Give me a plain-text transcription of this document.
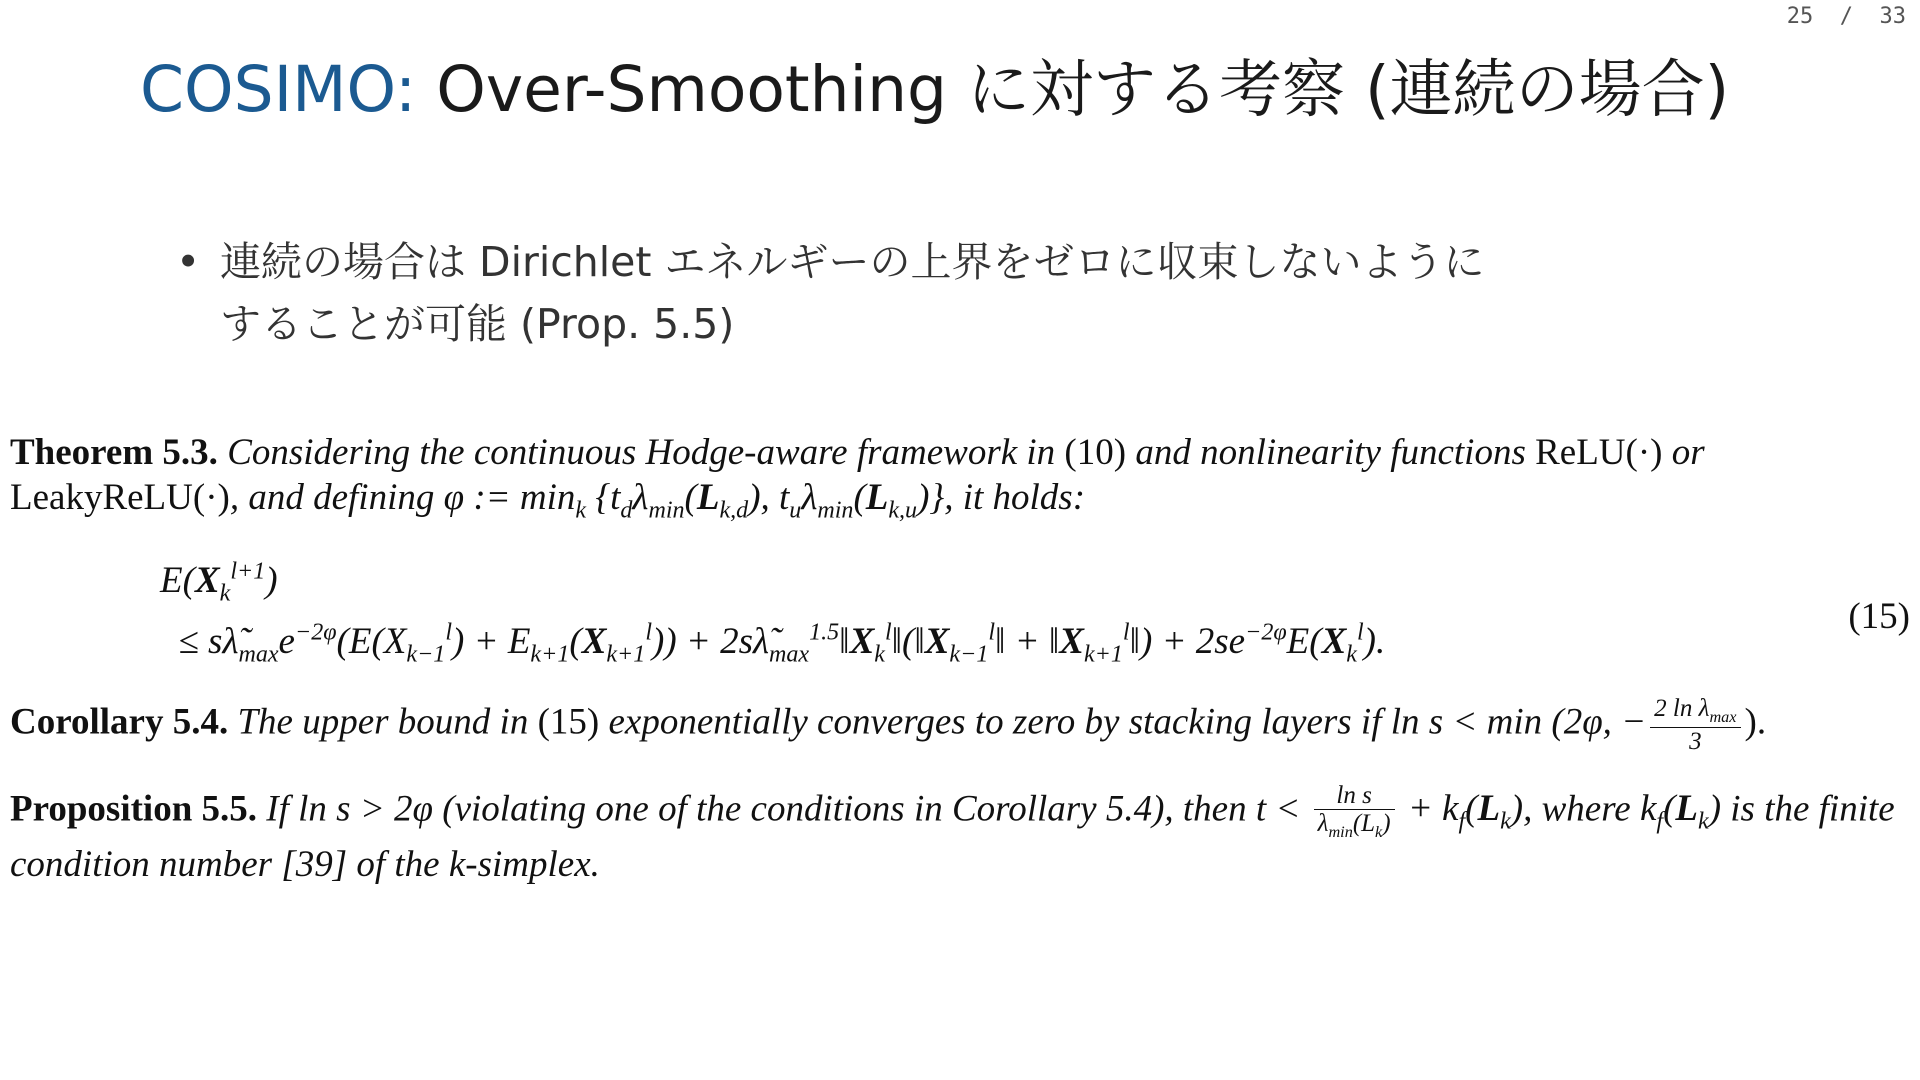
25  /  33
COSIMO: Over-Smoothing に対する考察 (連続の場合)
• 連続の場合は Dirichlet エネルギーの上界をゼロに収束しないように
することが可能 (Prop. 5.5)

Theorem 5.3. Considering the continuous Hodge-aware framework in (10) and nonlinearity functions ReLU(·) or LeakyReLU(·), and defining φ := $\min_k \{t_d\lambda_{min}(L_{k,d})$, $t_u\lambda_{min}(L_{k,u})$}, it holds:

$E(X_k^{l+1})$
≤ $s\lambdã_{max}e^{-2\varphi}(E(X_{k-1}^l) + E_{k+1}(X_{k+1}^l))$ + $2s\lambdã_{max}^{1.5}‖X_k^l‖(‖X_{k-1}^l‖$ + $‖X_{k+1}^l‖) + 2se^{-2\varphi}E(X_k^l)$.
(15)

Corollary 5.4. The upper bound in (15) exponentially converges to zero by stacking layers if ln s < min (2φ, − $\frac{2 \ln \lambda_{max}}{3}$ ).

Proposition 5.5. If ln s > 2φ (violating one of the conditions in Corollary 5.4), then $t < \frac{\text{ln s}}{\lambda_{min}(L_k)} + k_f(L_k)$, where $k_f(L_k)$ is the finite condition number [39] of the k-simplex.
